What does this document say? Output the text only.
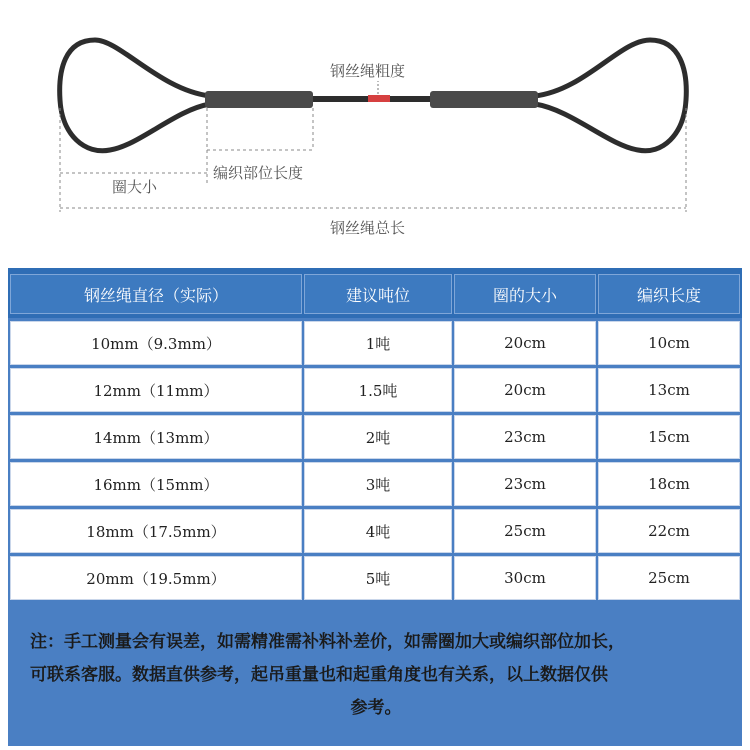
钢丝绳粗度
编织部位长度
圈大小
钢丝绳总长
钢丝绳直径（实际）	建议吨位	圈的大小	编织长度
10mm（9.3mm）	1吨	20cm	10cm
12mm（11mm）	1.5吨	20cm	13cm
14mm（13mm）	2吨	23cm	15cm
16mm（15mm）	3吨	23cm	18cm
18mm（17.5mm）	4吨	25cm	22cm
20mm（19.5mm）	5吨	30cm	25cm
注：手工测量会有误差，如需精准需补料补差价，如需圈加大或编织部位加长，
可联系客服。数据直供参考，起吊重量也和起重角度也有关系，以上数据仅供
参考。
